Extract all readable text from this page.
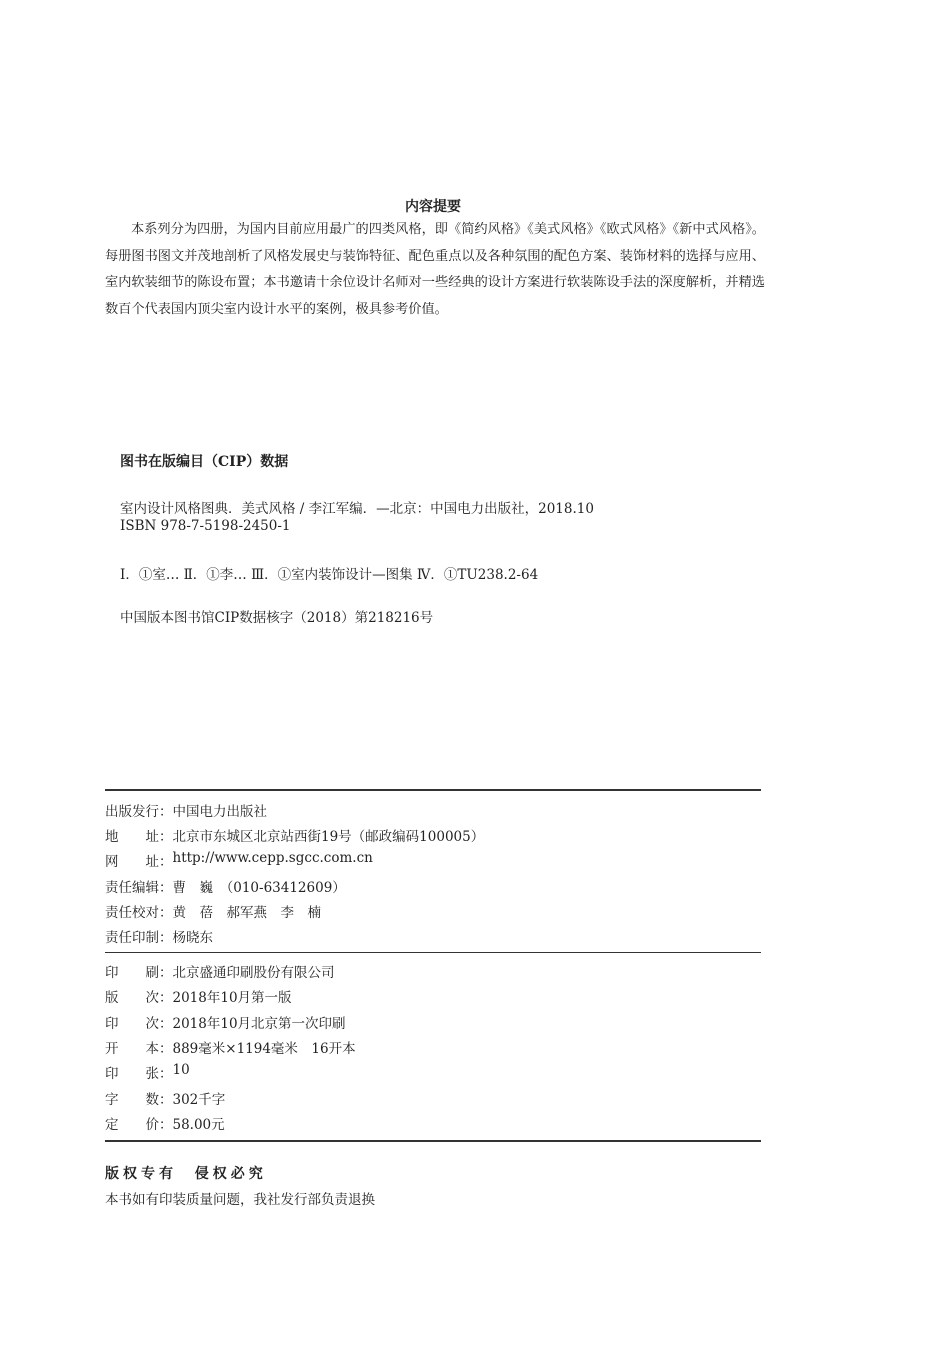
内容提要
本系列分为四册，为国内目前应用最广的四类风格，即《简约风格》《美式风格》《欧式风格》《新中式风格》。每册图书图文并茂地剖析了风格发展史与装饰特征、配色重点以及各种氛围的配色方案、装饰材料的选择与应用、室内软装细节的陈设布置；本书邀请十余位设计名师对一些经典的设计方案进行软装陈设手法的深度解析，并精选数百个代表国内顶尖室内设计水平的案例，极具参考价值。
图书在版编目（CIP）数据
室内设计风格图典．美式风格 / 李江军编．—北京：中国电力出版社，2018.10
ISBN 978-7-5198-2450-1
Ⅰ．①室… Ⅱ．①李… Ⅲ．①室内装饰设计—图集 Ⅳ．①TU238.2-64
中国版本图书馆CIP数据核字（2018）第218216号
出版发行： 中国电力出版社
地　　址： 北京市东城区北京站西街19号（邮政编码100005）
网　　址： http://www.cepp.sgcc.com.cn
责任编辑： 曹　巍　（010-63412609）
责任校对： 黄　蓓　郝军燕　李　楠
责任印制： 杨晓东
印　　刷： 北京盛通印刷股份有限公司
版　　次： 2018年10月第一版
印　　次： 2018年10月北京第一次印刷
开　　本： 889毫米×1194毫米　16开本
印　　张： 10
字　　数： 302千字
定　　价： 58.00元
版权专有  侵权必究
本书如有印装质量问题，我社发行部负责退换
